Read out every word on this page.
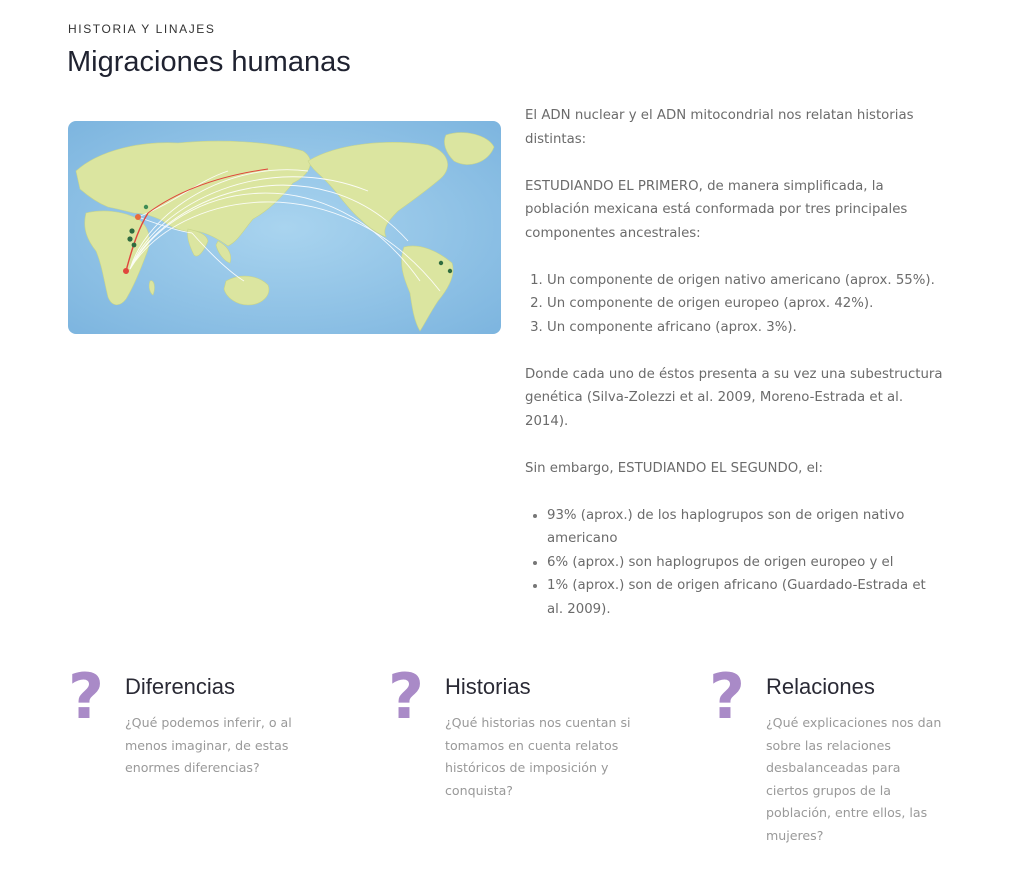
HISTORIA Y LINAJES
Migraciones humanas

El ADN nuclear y el ADN mitocondrial nos relatan historias distintas:

ESTUDIANDO EL PRIMERO, de manera simplificada, la población mexicana está conformada por tres principales componentes ancestrales:

1. Un componente de origen nativo americano (aprox. 55%).
2. Un componente de origen europeo (aprox. 42%).
3. Un componente africano (aprox. 3%).

Donde cada uno de éstos presenta a su vez una subestructura genética (Silva-Zolezzi et al. 2009, Moreno-Estrada et al. 2014).

Sin embargo, ESTUDIANDO EL SEGUNDO, el:

• 93% (aprox.) de los haplogrupos son de origen nativo americano
• 6% (aprox.) son haplogrupos de origen europeo y el
• 1% (aprox.) son de origen africano (Guardado-Estrada et al. 2009).
? Diferencias
¿Qué podemos inferir, o al menos imaginar, de estas enormes diferencias?
? Historias
¿Qué historias nos cuentan si tomamos en cuenta relatos históricos de imposición y conquista?
? Relaciones
¿Qué explicaciones nos dan sobre las relaciones desbalanceadas para ciertos grupos de la población, entre ellos, las mujeres?
